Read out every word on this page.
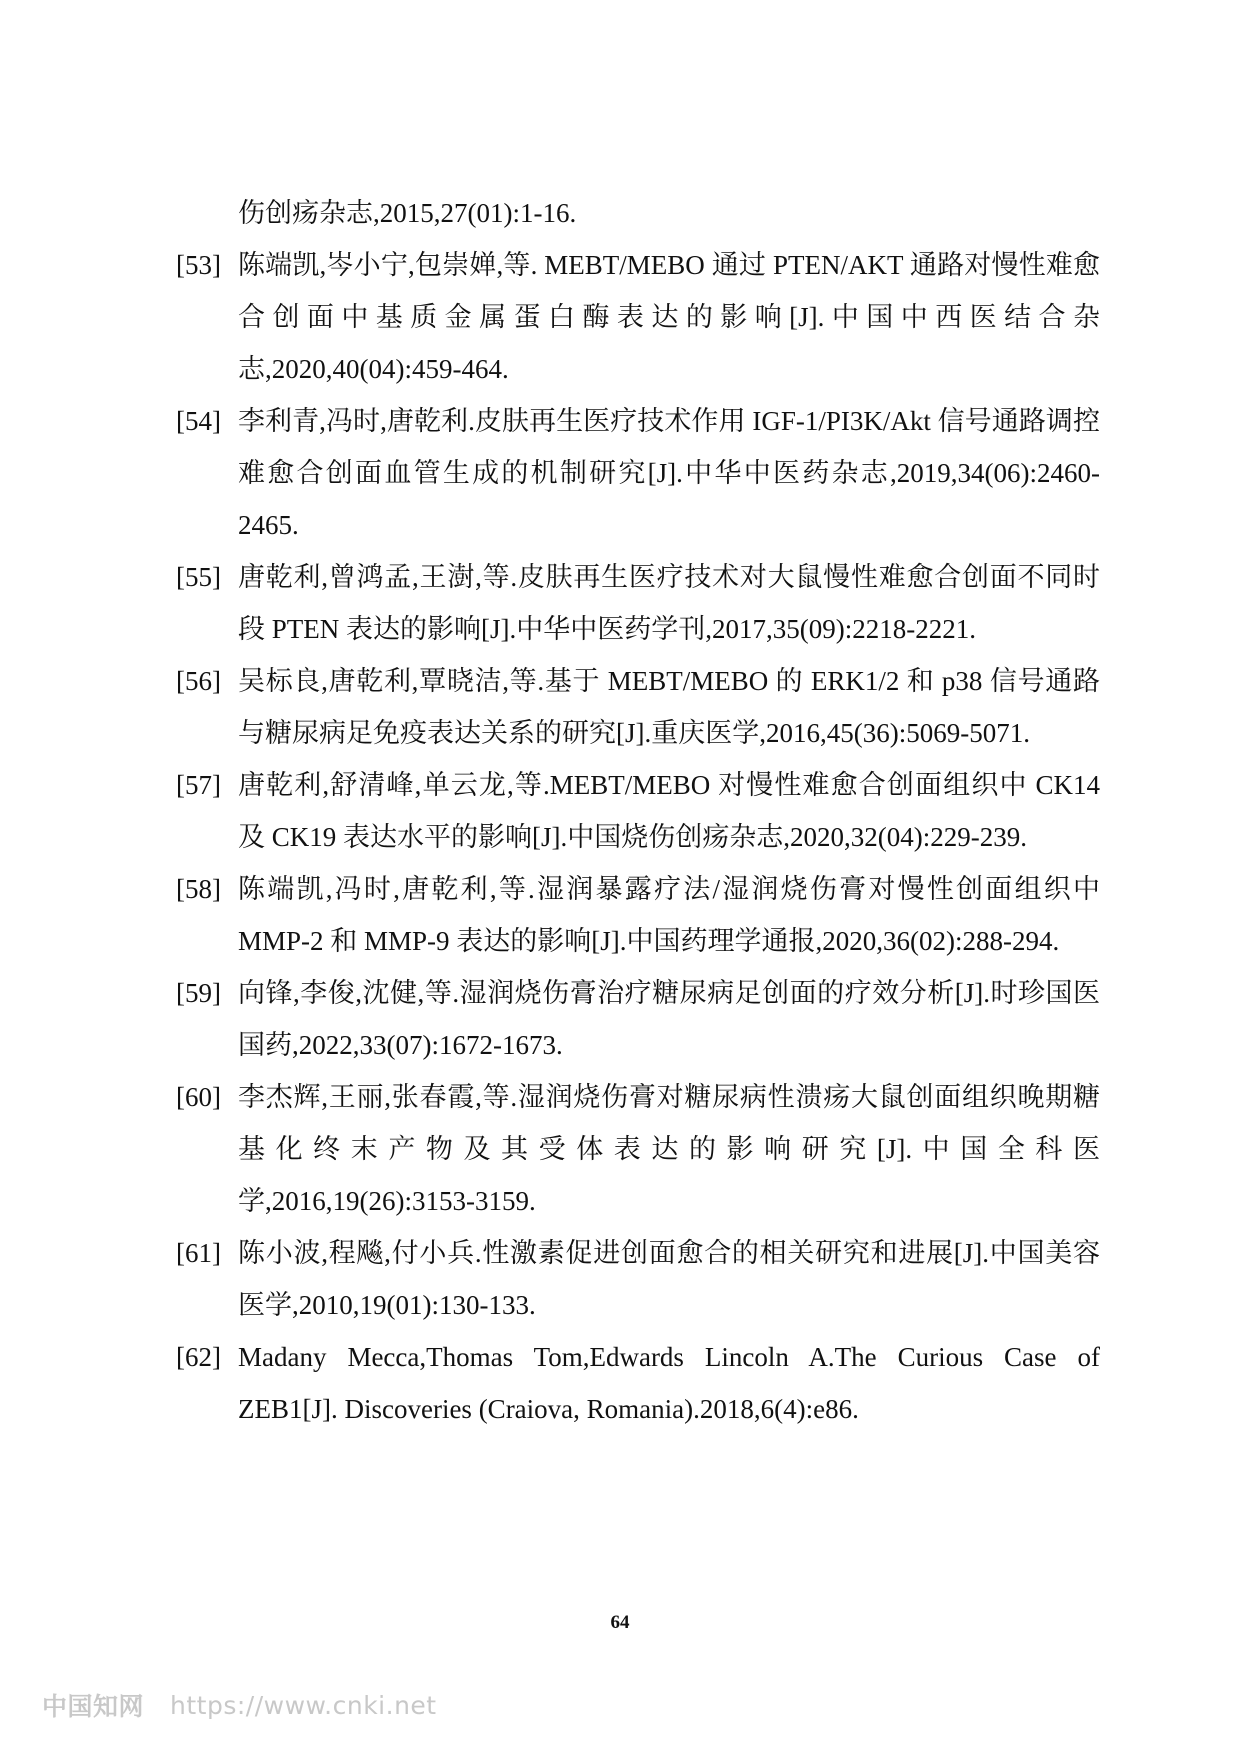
伤创疡杂志,2015,27(01):1-16.
[53] 陈端凯,岑小宁,包崇婵,等. MEBT/MEBO 通过 PTEN/AKT 通路对慢性难愈合创面中基质金属蛋白酶表达的影响[J].中国中西医结合杂志,2020,40(04):459-464.
[54] 李利青,冯时,唐乾利.皮肤再生医疗技术作用 IGF-1/PI3K/Akt 信号通路调控难愈合创面血管生成的机制研究[J].中华中医药杂志,2019,34(06):2460-2465.
[55] 唐乾利,曾鸿孟,王澍,等.皮肤再生医疗技术对大鼠慢性难愈合创面不同时段 PTEN 表达的影响[J].中华中医药学刊,2017,35(09):2218-2221.
[56] 吴标良,唐乾利,覃晓洁,等.基于 MEBT/MEBO 的 ERK1/2 和 p38 信号通路与糖尿病足免疫表达关系的研究[J].重庆医学,2016,45(36):5069-5071.
[57] 唐乾利,舒清峰,单云龙,等.MEBT/MEBO 对慢性难愈合创面组织中 CK14 及 CK19 表达水平的影响[J].中国烧伤创疡杂志,2020,32(04):229-239.
[58] 陈端凯,冯时,唐乾利,等.湿润暴露疗法/湿润烧伤膏对慢性创面组织中 MMP-2 和 MMP-9 表达的影响[J].中国药理学通报,2020,36(02):288-294.
[59] 向锋,李俊,沈健,等.湿润烧伤膏治疗糖尿病足创面的疗效分析[J].时珍国医国药,2022,33(07):1672-1673.
[60] 李杰辉,王丽,张春霞,等.湿润烧伤膏对糖尿病性溃疡大鼠创面组织晚期糖基化终末产物及其受体表达的影响研究[J].中国全科医学,2016,19(26):3153-3159.
[61] 陈小波,程飚,付小兵.性激素促进创面愈合的相关研究和进展[J].中国美容医学,2010,19(01):130-133.
[62] Madany Mecca,Thomas Tom,Edwards Lincoln A.The Curious Case of ZEB1[J]. Discoveries (Craiova, Romania).2018,6(4):e86.
64
中国知网 https://www.cnki.net
